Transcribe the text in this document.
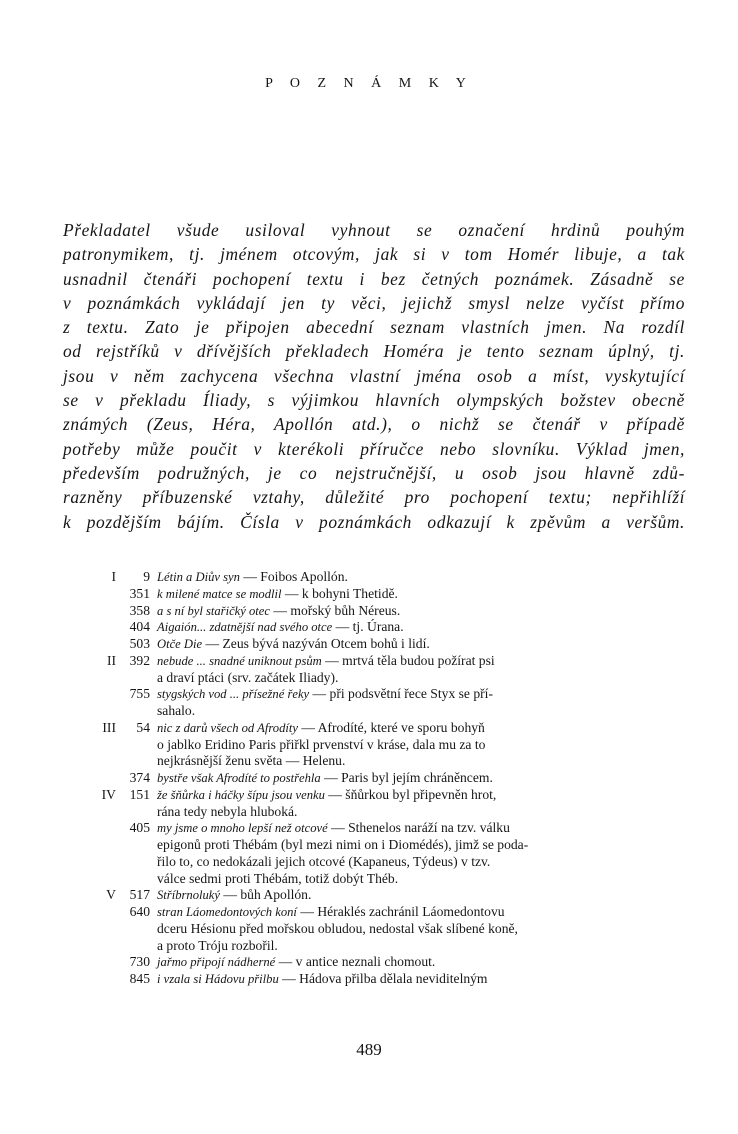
P O Z N Á M K Y
Překladatel všude usiloval vyhnout se označení hrdinů pouhým
patronymikem, tj. jménem otcovým, jak si v tom Homér libuje, a tak
usnadnil čtenáři pochopení textu i bez četných poznámek. Zásadně se
v poznámkách vykládají jen ty věci, jejichž smysl nelze vyčíst přímo
z textu. Zato je připojen abecední seznam vlastních jmen. Na rozdíl
od rejstříků v dřívějších překladech Homéra je tento seznam úplný, tj.
jsou v něm zachycena všechna vlastní jména osob a míst, vyskytující
se v překladu Íliady, s výjimkou hlavních olympských božstev obecně
známých (Zeus, Héra, Apollón atd.), o nichž se čtenář v případě
potřeby může poučit v kterékoli příručce nebo slovníku. Výklad jmen,
především podružných, je co nejstručnější, u osob jsou hlavně zdů-
razněny příbuzenské vztahy, důležité pro pochopení textu; nepřihlíží
k pozdějším bájím. Čísla v poznámkách odkazují k zpěvům a veršům.
I	9 Létin a Diův syn — Foibos Apollón.
351 k milené matce se modlil — k bohyni Thetidě.
358 a s ní byl stařičký otec — mořský bůh Néreus.
404 Aigaión... zdatnější nad svého otce — tj. Úrana.
503 Otče Die — Zeus bývá nazýván Otcem bohů i lidí.
II	392 nebude ... snadné uniknout psům — mrtvá těla budou požírat psi
a draví ptáci (srv. začátek Iliady).
755 stygských vod ... přísežné řeky — při podsvětní řece Styx se pří-
sahalo.
III	54 nic z darů všech od Afrodíty — Afrodíté, které ve sporu bohyň
o jablko Eridino Paris přiřkl prvenství v kráse, dala mu za to
nejkrásnější ženu světa — Helenu.
374 bystře však Afrodíté to postřehla — Paris byl jejím chráněncem.
IV	151 že šňůrka i háčky šípu jsou venku — šňůrkou byl připevněn hrot,
rána tedy nebyla hluboká.
405 my jsme o mnoho lepší než otcové — Sthenelos naráží na tzv. válku
epigonů proti Thébám (byl mezi nimi on i Diomédés), jimž se poda-
řilo to, co nedokázali jejich otcové (Kapaneus, Týdeus) v tzv.
válce sedmi proti Thébám, totiž dobýt Théb.
V	517 Stříbrnoluký — bůh Apollón.
640 stran Láomedontových koní — Héraklés zachránil Láomedontovu
dceru Hésionu před mořskou obludou, nedostal však slíbené koně,
a proto Tróju rozbořil.
730 jařmo připojí nádherné — v antice neznali chomout.
845 i vzala si Hádovu přilbu — Hádova přilba dělala neviditelným
489
